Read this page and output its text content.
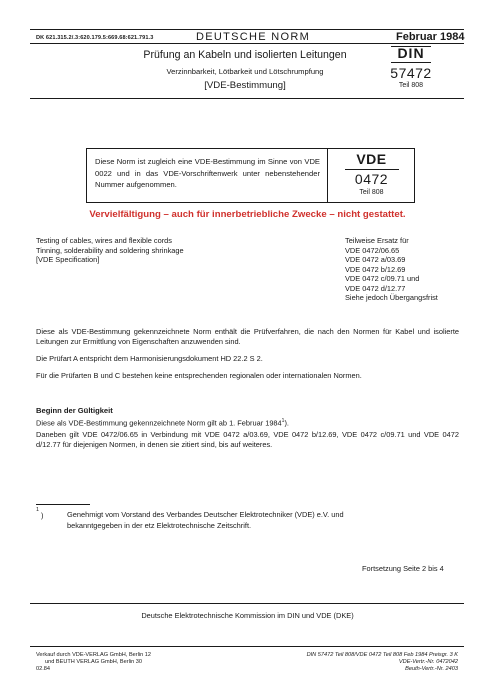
DK 621.315.2/.3:620.179.5:669.68:621.791.3	DEUTSCHE NORM	Februar 1984
Prüfung an Kabeln und isolierten Leitungen
Verzinnbarkeit, Lötbarkeit und Lötschrumpfung
[VDE-Bestimmung]
DIN
57472
Teil 808
Diese Norm ist zugleich eine VDE-Bestimmung im Sinne von VDE 0022 und in das VDE-Vorschriftenwerk unter nebenstehender Nummer aufgenommen.
VDE
0472
Teil 808
Vervielfältigung – auch für innerbetriebliche Zwecke – nicht gestattet.
Testing of cables, wires and flexible cords
Tinning, solderability and soldering shrinkage
[VDE Specification]
Teilweise Ersatz für
VDE 0472/06.65
VDE 0472 a/03.69
VDE 0472 b/12.69
VDE 0472 c/09.71 und
VDE 0472 d/12.77
Siehe jedoch Übergangsfrist
Diese als VDE-Bestimmung gekennzeichnete Norm enthält die Prüfverfahren, die nach den Normen für Kabel und isolierte Leitungen zur Ermittlung von Eigenschaften anzuwenden sind.
Die Prüfart A entspricht dem Harmonisierungsdokument HD 22.2 S 2.
Für die Prüfarten B und C bestehen keine entsprechenden regionalen oder internationalen Normen.
Beginn der Gültigkeit
Diese als VDE-Bestimmung gekennzeichnete Norm gilt ab 1. Februar 1984$^1$).
Daneben gilt VDE 0472/06.65 in Verbindung mit VDE 0472 a/03.69, VDE 0472 b/12.69, VDE 0472 c/09.71 und VDE 0472 d/12.77 für diejenigen Normen, in denen sie zitiert sind, bis auf weiteres.
1
)	Genehmigt vom Vorstand des Verbandes Deutscher Elektrotechniker (VDE) e.V. und bekanntgegeben in der etz Elektrotechnische Zeitschrift.
Fortsetzung Seite 2 bis 4
Deutsche Elektrotechnische Kommission im DIN und VDE (DKE)
Verkauf durch VDE-VERLAG GmbH, Berlin 12
und BEUTH VERLAG GmbH, Berlin 30
02.84
DIN 57472 Teil 808/VDE 0472 Teil 808 Feb 1984 Preisgr. 3 K
VDE-Vertr.-Nr. 0472042
Beuth-Vertr.-Nr. 2403
